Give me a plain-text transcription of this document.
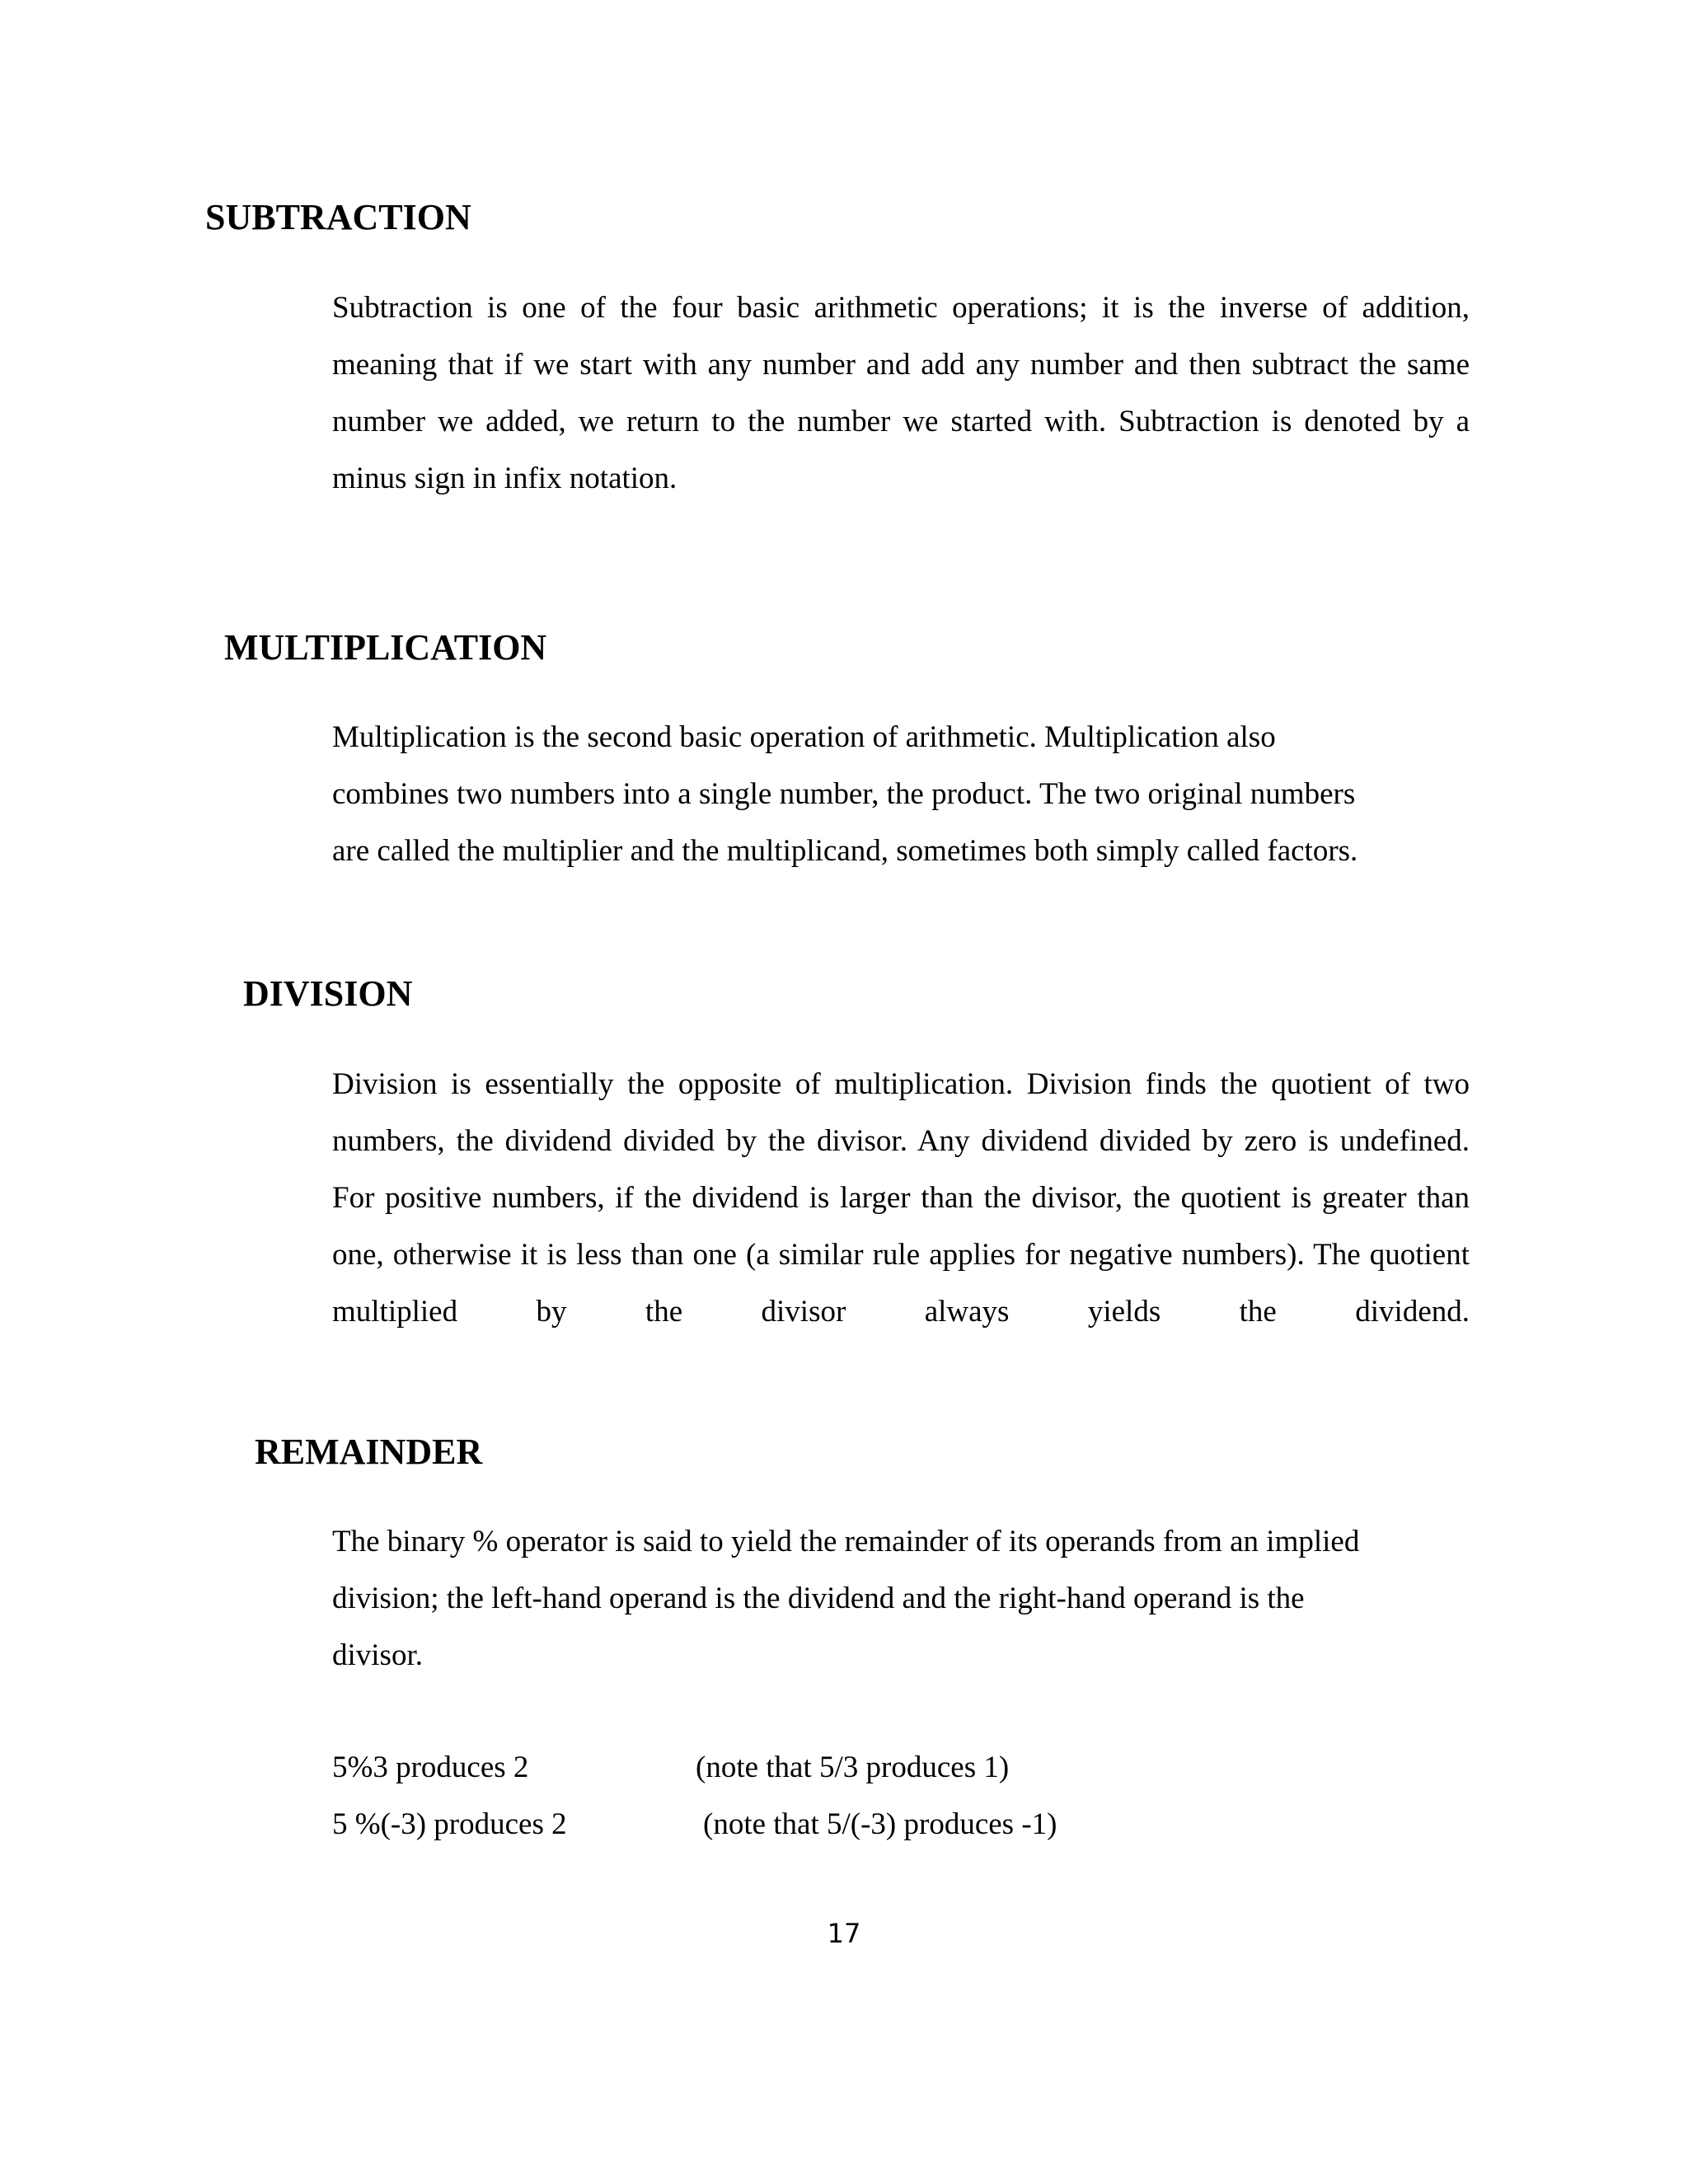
SUBTRACTION

Subtraction is one of the four basic arithmetic operations; it is the inverse of addition, meaning that if we start with any number and add any number and then subtract the same number we added, we return to the number we started with. Subtraction is denoted by a minus sign in infix notation.

MULTIPLICATION

Multiplication is the second basic operation of arithmetic. Multiplication also

combines two numbers into a single number, the product. The two original numbers

are called the multiplier and the multiplicand, sometimes both simply called factors.

DIVISION

Division is essentially the opposite of multiplication. Division finds the quotient of two numbers, the dividend divided by the divisor. Any dividend divided by zero is undefined. For positive numbers, if the dividend is larger than the divisor, the quotient is greater than one, otherwise it is less than one (a similar rule applies for negative numbers). The quotient multiplied by the divisor always yields the dividend.

REMAINDER

The binary % operator is said to yield the remainder of its operands from an implied

division; the left-hand operand is the dividend and the right-hand operand is the

divisor.

5%3 produces 2	(note that 5/3 produces 1)
5 %(-3) produces 2	(note that 5/(-3) produces -1)
17
